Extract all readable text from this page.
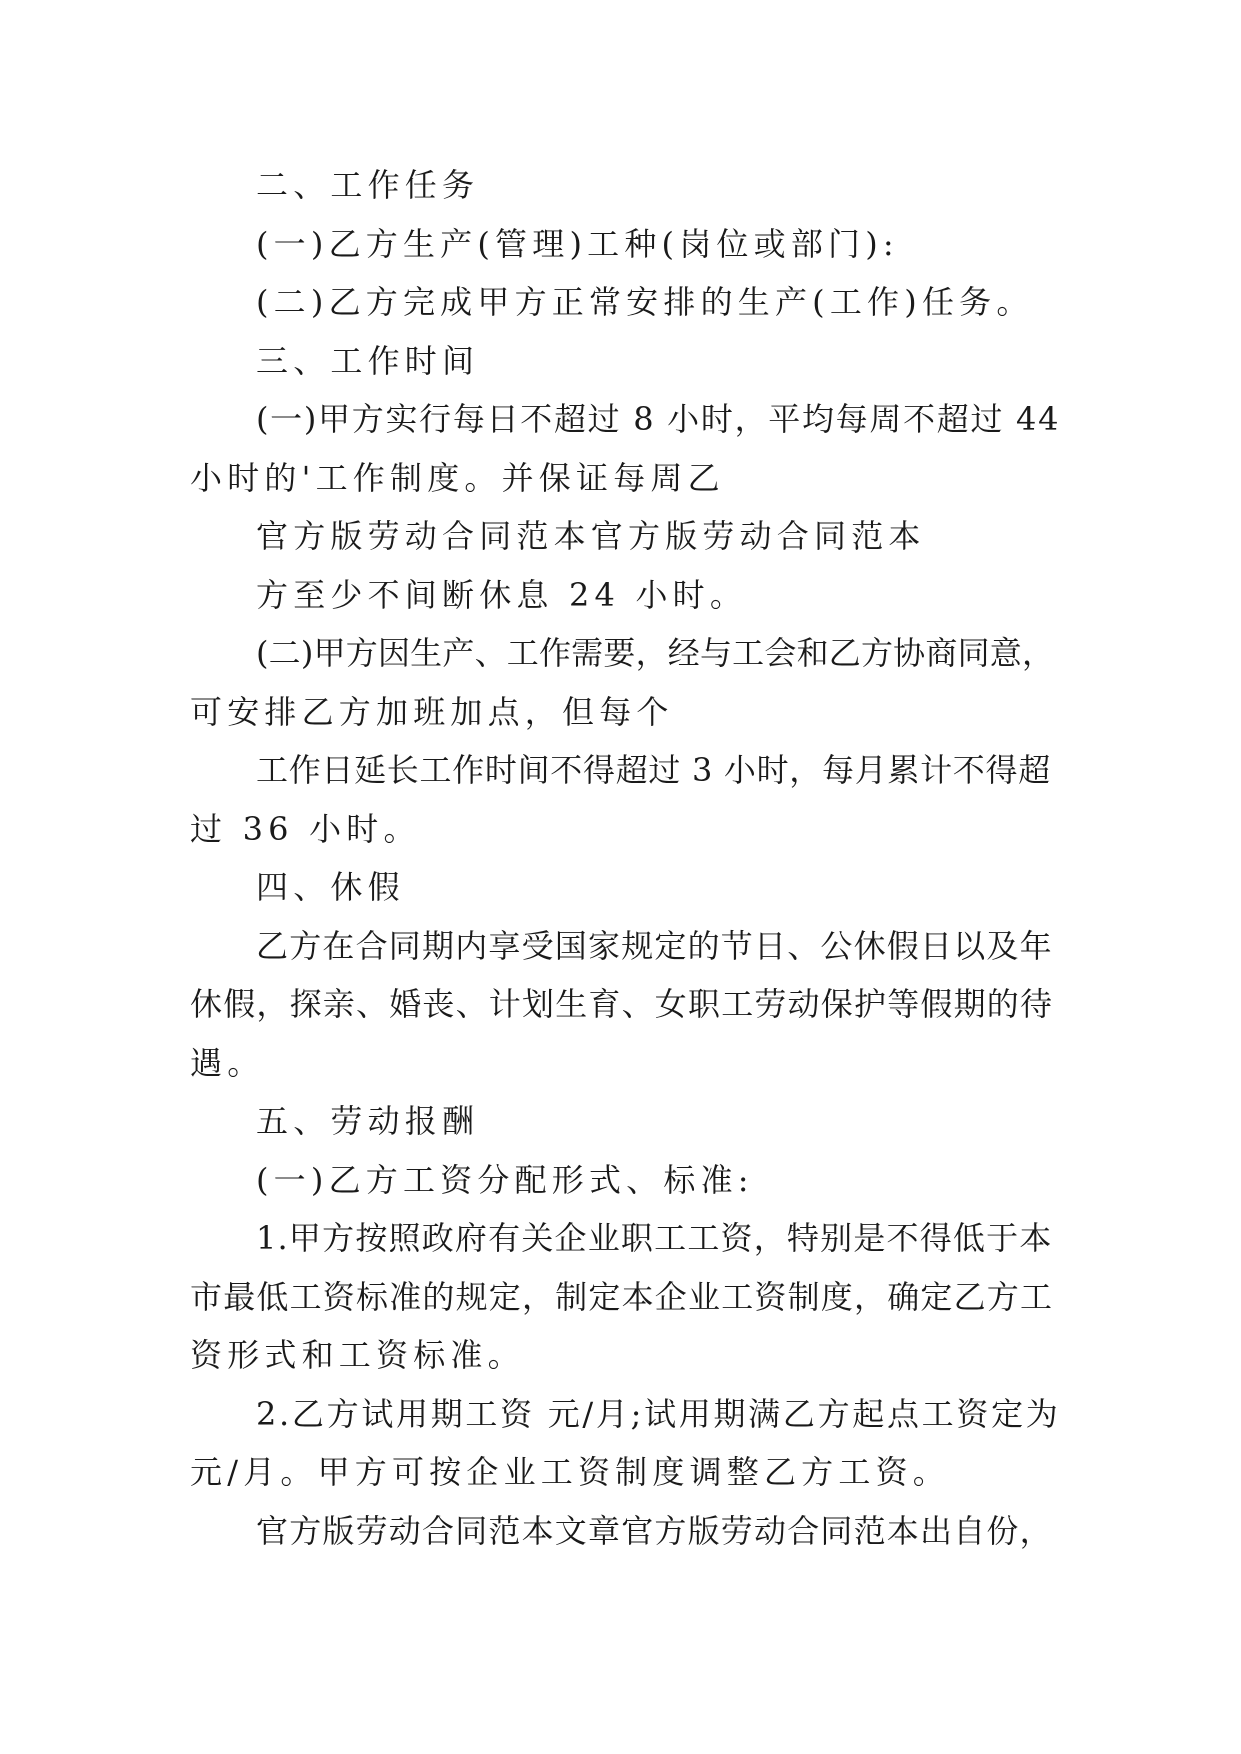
二、工作任务
(一)乙方生产(管理)工种(岗位或部门):
(二)乙方完成甲方正常安排的生产(工作)任务。
三、工作时间
(一)甲方实行每日不超过 8 小时，平均每周不超过 44
小时的'工作制度。并保证每周乙
官方版劳动合同范本官方版劳动合同范本
方至少不间断休息 24 小时。
(二)甲方因生产、工作需要，经与工会和乙方协商同意，
可安排乙方加班加点，但每个
工作日延长工作时间不得超过 3 小时，每月累计不得超
过 36 小时。
四、休假
乙方在合同期内享受国家规定的节日、公休假日以及年
休假，探亲、婚丧、计划生育、女职工劳动保护等假期的待
遇。
五、劳动报酬
(一)乙方工资分配形式、标准:
1.甲方按照政府有关企业职工工资，特别是不得低于本
市最低工资标准的规定，制定本企业工资制度，确定乙方工
资形式和工资标准。
2.乙方试用期工资 元/月;试用期满乙方起点工资定为
元/月。甲方可按企业工资制度调整乙方工资。
官方版劳动合同范本文章官方版劳动合同范本出自份，
